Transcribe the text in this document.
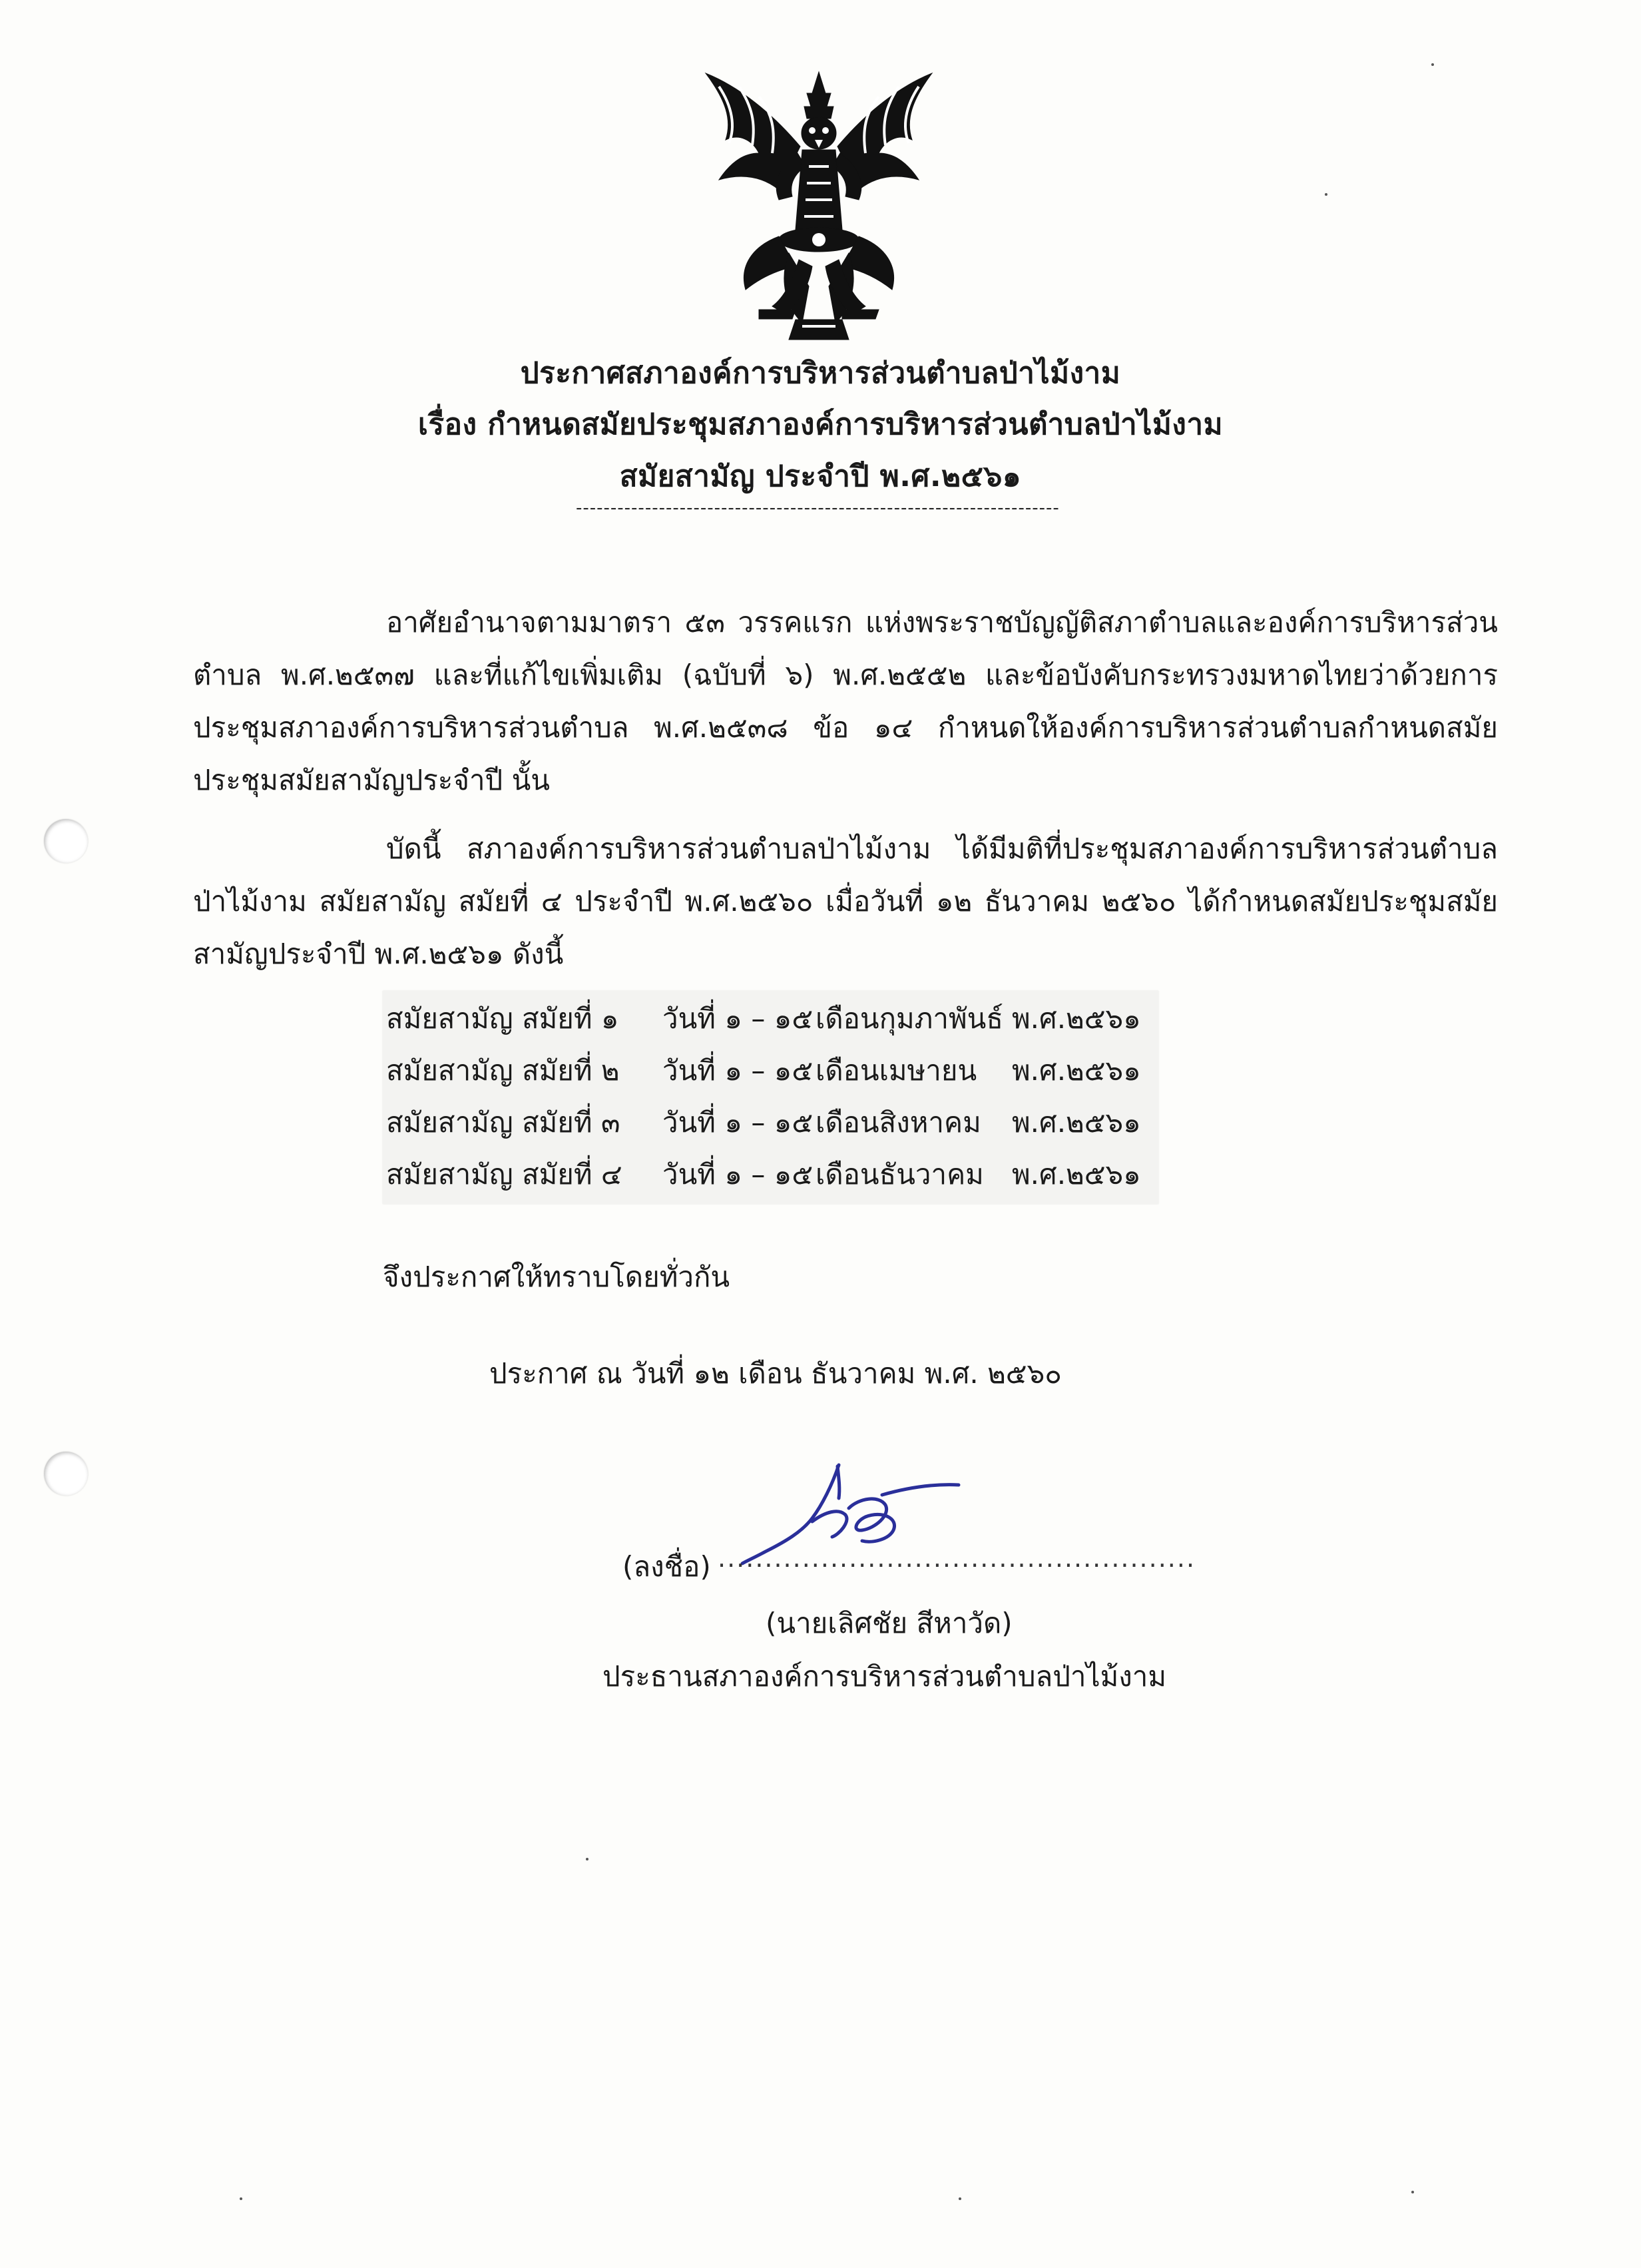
ประกาศสภาองค์การบริหารส่วนตำบลป่าไม้งาม
เรื่อง กำหนดสมัยประชุมสภาองค์การบริหารส่วนตำบลป่าไม้งาม
สมัยสามัญ ประจำปี พ.ศ.๒๕๖๑
----------------------------------------------------------------------
อาศัยอำนาจตามมาตรา ๕๓ วรรคแรก แห่งพระราชบัญญัติสภาตำบลและองค์การบริหารส่วนตำบล พ.ศ.๒๕๓๗ และที่แก้ไขเพิ่มเติม (ฉบับที่ ๖) พ.ศ.๒๕๕๒ และข้อบังคับกระทรวงมหาดไทยว่าด้วยการประชุมสภาองค์การบริหารส่วนตำบล พ.ศ.๒๕๓๘ ข้อ ๑๔ กำหนดให้องค์การบริหารส่วนตำบลกำหนดสมัยประชุมสมัยสามัญประจำปี นั้น
บัดนี้ สภาองค์การบริหารส่วนตำบลป่าไม้งาม ได้มีมติที่ประชุมสภาองค์การบริหารส่วนตำบลป่าไม้งาม สมัยสามัญ สมัยที่ ๔ ประจำปี พ.ศ.๒๕๖๐ เมื่อวันที่ ๑๒ ธันวาคม ๒๕๖๐ ได้กำหนดสมัยประชุมสมัยสามัญประจำปี พ.ศ.๒๕๖๑ ดังนี้
สมัยสามัญ สมัยที่ ๑ วันที่ ๑ – ๑๕ เดือนกุมภาพันธ์ พ.ศ.๒๕๖๑
สมัยสามัญ สมัยที่ ๒ วันที่ ๑ – ๑๕ เดือนเมษายน พ.ศ.๒๕๖๑
สมัยสามัญ สมัยที่ ๓ วันที่ ๑ – ๑๕ เดือนสิงหาคม พ.ศ.๒๕๖๑
สมัยสามัญ สมัยที่ ๔ วันที่ ๑ – ๑๕ เดือนธันวาคม พ.ศ.๒๕๖๑
จึงประกาศให้ทราบโดยทั่วกัน
ประกาศ ณ วันที่ ๑๒ เดือน ธันวาคม พ.ศ. ๒๕๖๐
(ลงชื่อ) ...................................................
(นายเลิศชัย สีหาวัด)
ประธานสภาองค์การบริหารส่วนตำบลป่าไม้งาม
